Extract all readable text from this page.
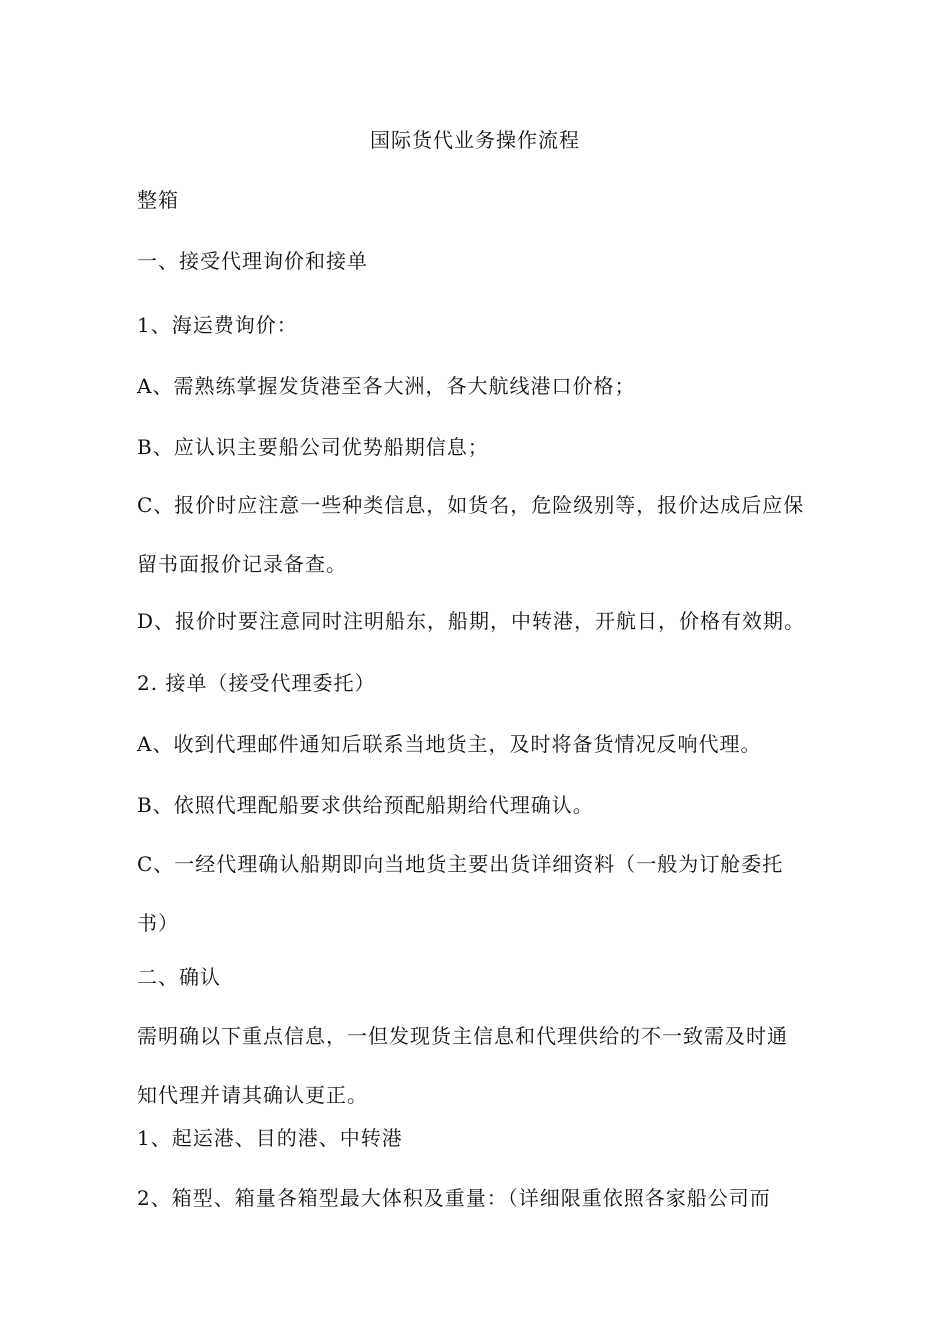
国际货代业务操作流程
整箱
一、接受代理询价和接单
1、海运费询价：
A、需熟练掌握发货港至各大洲，各大航线港口价格；
B、应认识主要船公司优势船期信息；
C、报价时应注意一些种类信息，如货名，危险级别等，报价达成后应保
留书面报价记录备查。
D、报价时要注意同时注明船东，船期，中转港，开航日，价格有效期。
2. 接单（接受代理委托）
A、收到代理邮件通知后联系当地货主，及时将备货情况反响代理。
B、依照代理配船要求供给预配船期给代理确认。
C、一经代理确认船期即向当地货主要出货详细资料（一般为订舱委托
书）
二、确认
需明确以下重点信息，一但发现货主信息和代理供给的不一致需及时通
知代理并请其确认更正。
1、起运港、目的港、中转港
2、箱型、箱量各箱型最大体积及重量：（详细限重依照各家船公司而
